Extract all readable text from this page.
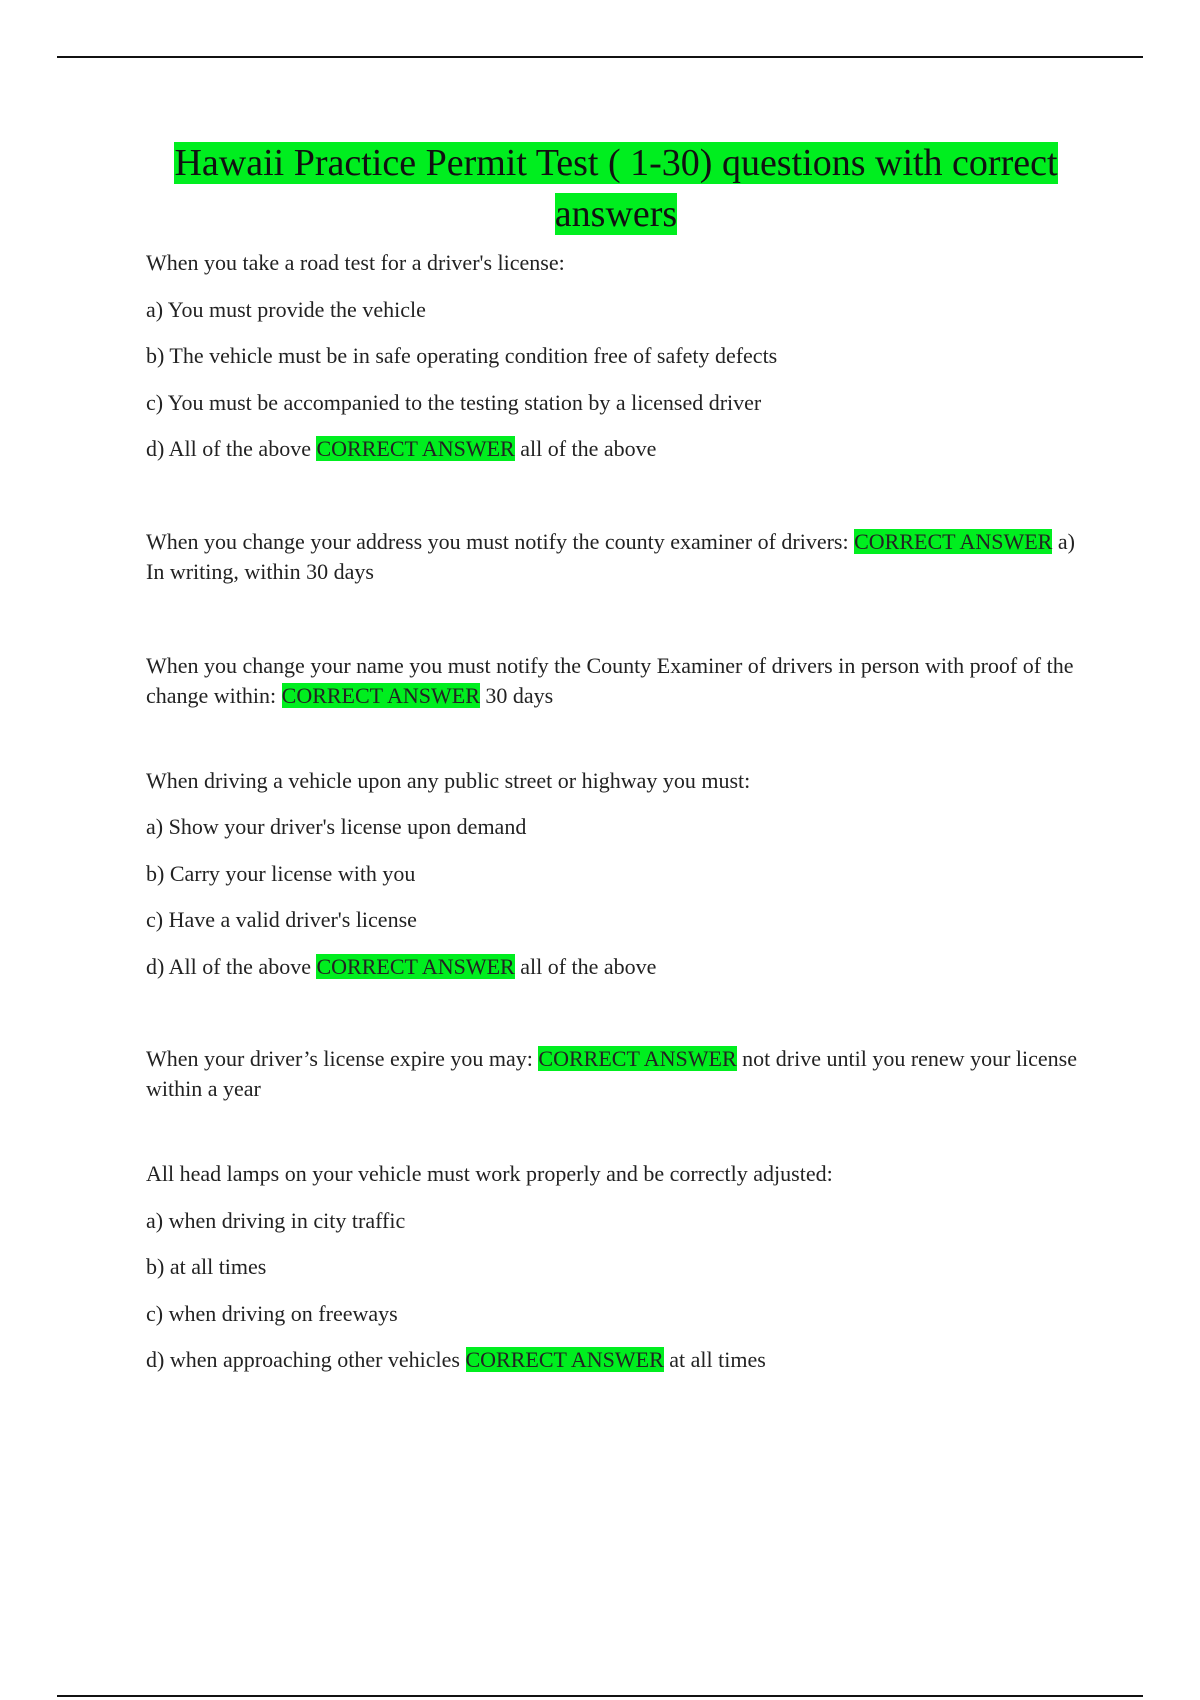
Hawaii Practice Permit Test ( 1-30) questions with correct answers

When you take a road test for a driver's license:

a) You must provide the vehicle

b) The vehicle must be in safe operating condition free of safety defects

c) You must be accompanied to the testing station by a licensed driver

d) All of the above CORRECT ANSWER all of the above

When you change your address you must notify the county examiner of drivers: CORRECT ANSWER a) In writing, within 30 days

When you change your name you must notify the County Examiner of drivers in person with proof of the change within: CORRECT ANSWER 30 days

When driving a vehicle upon any public street or highway you must:

a) Show your driver's license upon demand

b) Carry your license with you

c) Have a valid driver's license

d) All of the above CORRECT ANSWER all of the above

When your driver’s license expire you may: CORRECT ANSWER not drive until you renew your license within a year

All head lamps on your vehicle must work properly and be correctly adjusted:

a) when driving in city traffic

b) at all times

c) when driving on freeways

d) when approaching other vehicles CORRECT ANSWER at all times
